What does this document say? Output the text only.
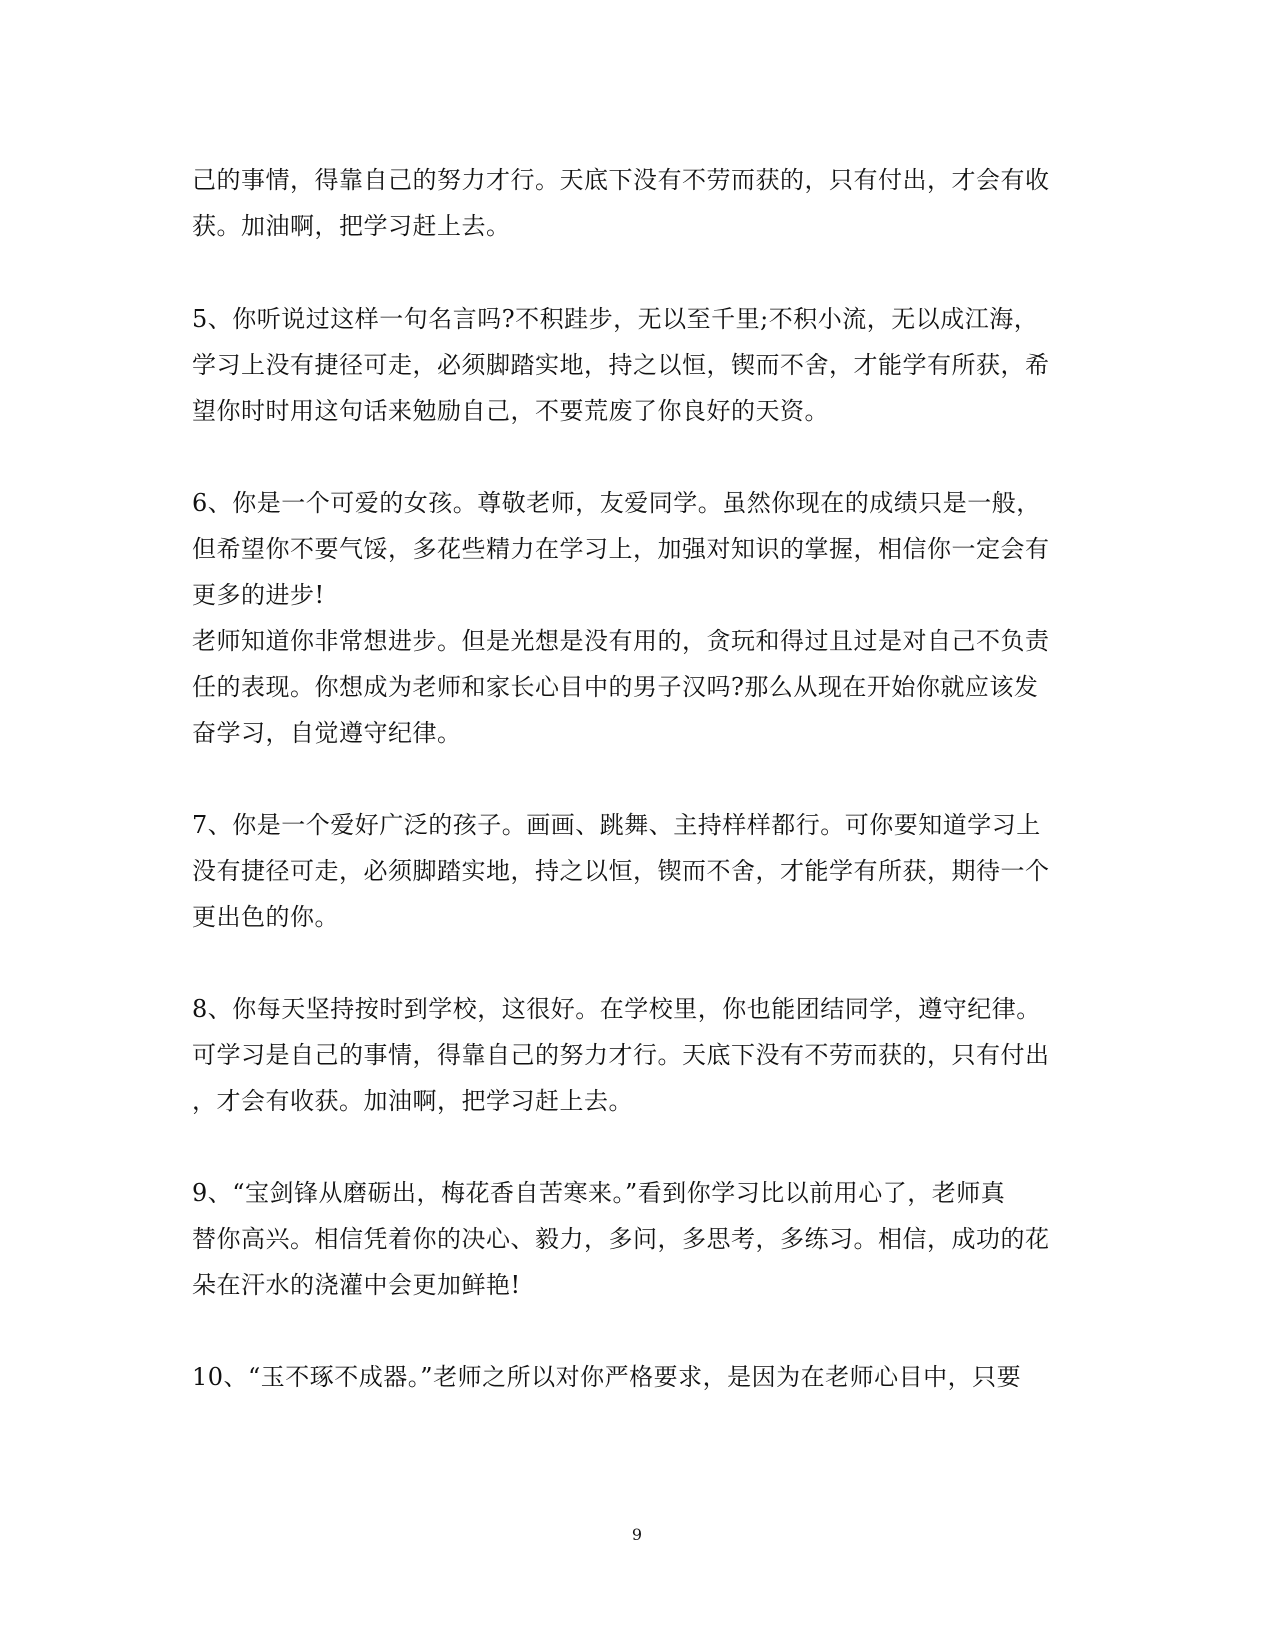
己的事情，得靠自己的努力才行。天底下没有不劳而获的，只有付出，才会有收
获。加油啊，把学习赶上去。
5、你听说过这样一句名言吗?不积跬步，无以至千里;不积小流，无以成江海，
学习上没有捷径可走，必须脚踏实地，持之以恒，锲而不舍，才能学有所获，希
望你时时用这句话来勉励自己，不要荒废了你良好的天资。
6、你是一个可爱的女孩。尊敬老师，友爱同学。虽然你现在的成绩只是一般，
但希望你不要气馁，多花些精力在学习上，加强对知识的掌握，相信你一定会有
更多的进步!
老师知道你非常想进步。但是光想是没有用的，贪玩和得过且过是对自己不负责
任的表现。你想成为老师和家长心目中的男子汉吗?那么从现在开始你就应该发
奋学习，自觉遵守纪律。
7、你是一个爱好广泛的孩子。画画、跳舞、主持样样都行。可你要知道学习上
没有捷径可走，必须脚踏实地，持之以恒，锲而不舍，才能学有所获，期待一个
更出色的你。
8、你每天坚持按时到学校，这很好。在学校里，你也能团结同学，遵守纪律。
可学习是自己的事情，得靠自己的努力才行。天底下没有不劳而获的，只有付出
，才会有收获。加油啊，把学习赶上去。
9、“宝剑锋从磨砺出，梅花香自苦寒来。”看到你学习比以前用心了，老师真
替你高兴。相信凭着你的决心、毅力，多问，多思考，多练习。相信，成功的花
朵在汗水的浇灌中会更加鲜艳!
10、“玉不琢不成器。”老师之所以对你严格要求，是因为在老师心目中，只要
9
